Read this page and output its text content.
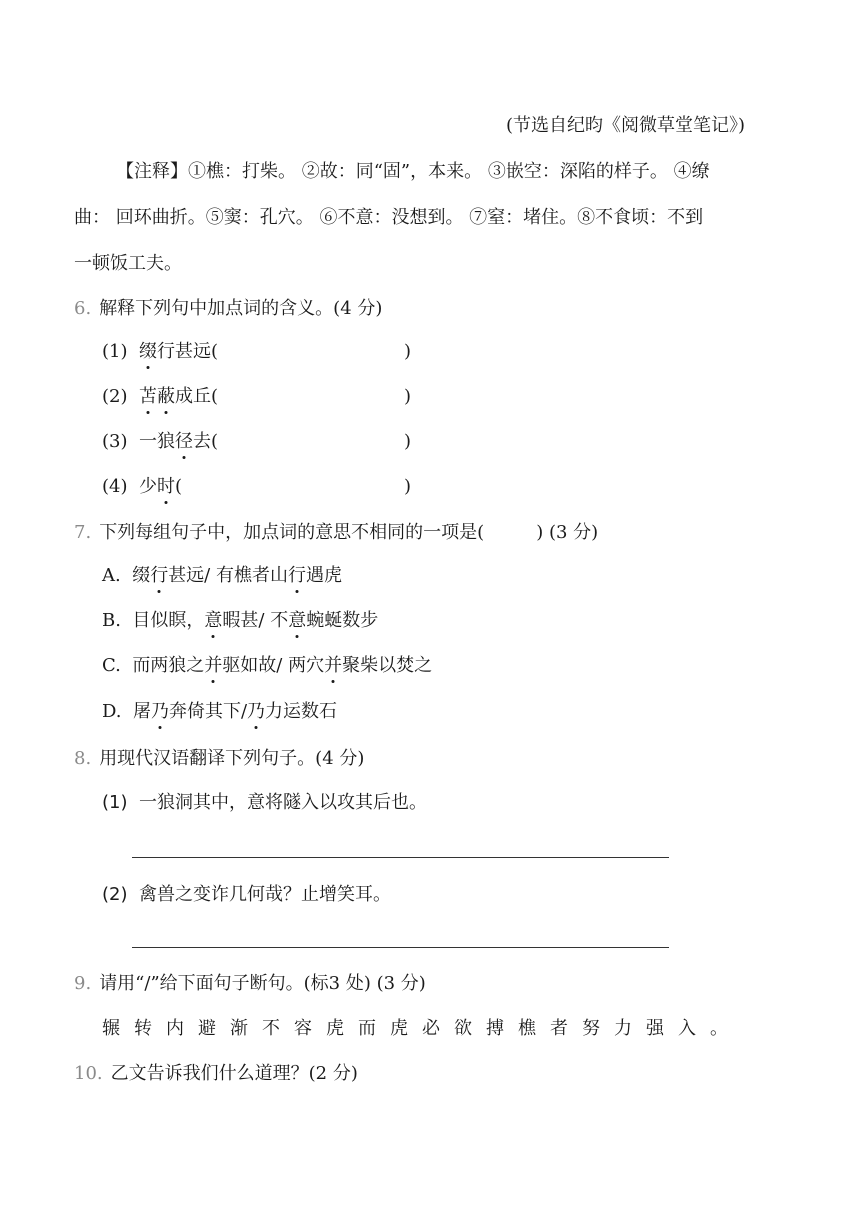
(节选自纪昀《阅微草堂笔记》)
【注释】①樵：打柴。 ②故：同“固”，本来。 ③嵌空：深陷的样子。 ④缭
曲： 回环曲折。⑤窦：孔穴。 ⑥不意：没想到。 ⑦窒：堵住。⑧不食顷：不到
一顿饭工夫。
6. 解释下列句中加点词的含义。(4 分)
(1) 缀行甚远(	)
(2) 苫蔽成丘(	)
(3) 一狼径去(	)
(4) 少时(	)
7. 下列每组句子中，加点词的意思不相同的一项是(	) (3 分)
A. 缀行甚远/ 有樵者山行遇虎
B. 目似瞑，意暇甚/ 不意蜿蜒数步
C. 而两狼之并驱如故/ 两穴并聚柴以焚之
D. 屠乃奔倚其下/乃力运数石
8. 用现代汉语翻译下列句子。(4 分)
(1) 一狼洞其中，意将隧入以攻其后也。
(2) 禽兽之变诈几何哉？止增笑耳。
9. 请用“/”给下面句子断句。(标3 处) (3 分)
辗转内避渐不容虎而虎必欲搏樵者努力强入。
10. 乙文告诉我们什么道理？(2 分)
